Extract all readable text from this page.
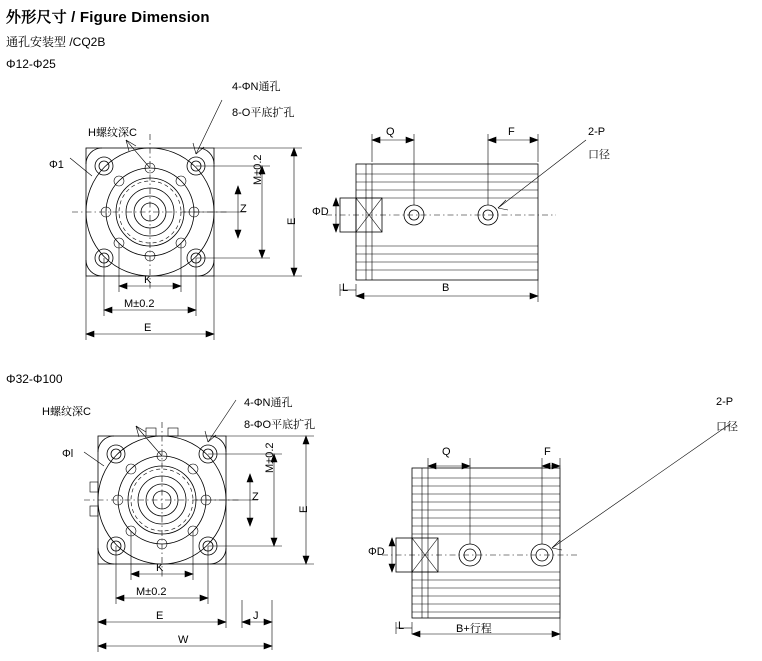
外形尺寸 / Figure Dimension
通孔安装型 /CQ2B
Φ12-Φ25
Φ32-Φ100
4-ΦN通孔
8-O平底扩孔
H螺纹深C
Φ1
Z
M±0.2
E
K
M±0.2
E
Q	F	2-P
口径
ΦD
L	B
4-ΦN通孔
8-ΦO平底扩孔
H螺纹深C
Φl
Z
M±0.2
E
K
M±0.2
E	J
W
Q	F
2-P
口径
ΦD
L	B+行程
